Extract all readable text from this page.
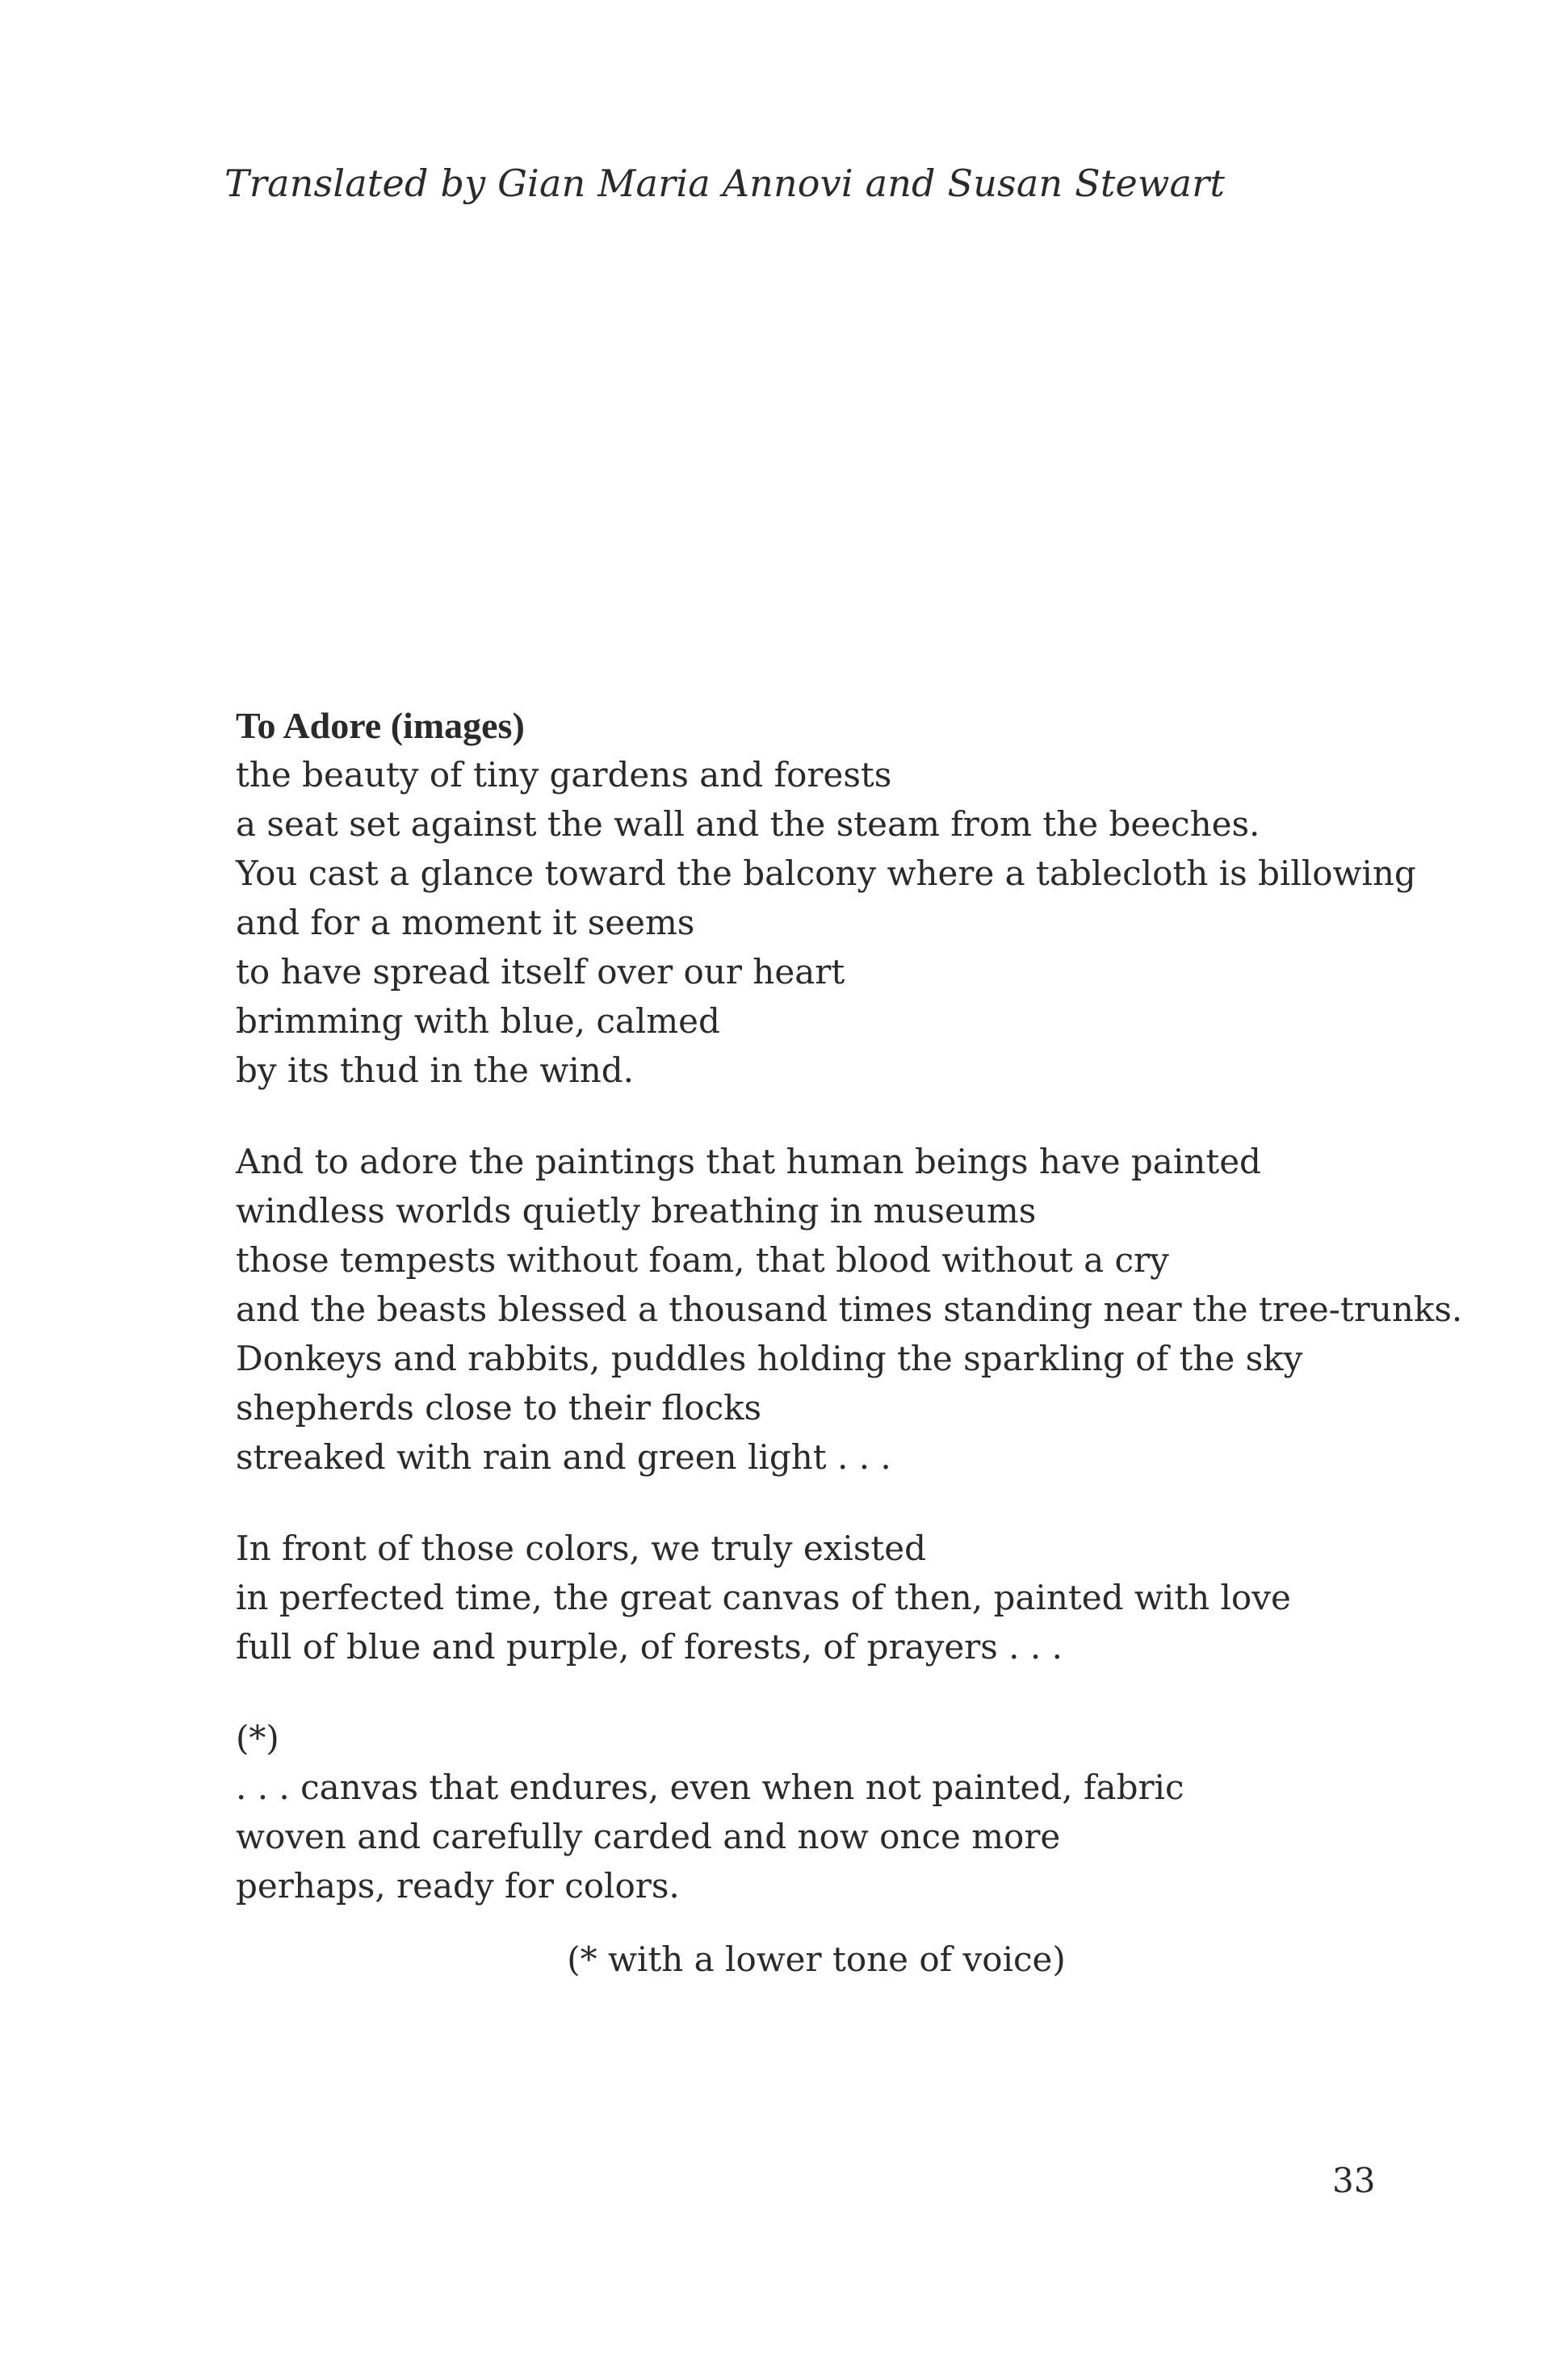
Translated by Gian Maria Annovi and Susan Stewart
To Adore (images)
the beauty of tiny gardens and forests
a seat set against the wall and the steam from the beeches.
You cast a glance toward the balcony where a tablecloth is billowing
and for a moment it seems
to have spread itself over our heart
brimming with blue, calmed
by its thud in the wind.
And to adore the paintings that human beings have painted
windless worlds quietly breathing in museums
those tempests without foam, that blood without a cry
and the beasts blessed a thousand times standing near the tree-trunks.
Donkeys and rabbits, puddles holding the sparkling of the sky
shepherds close to their flocks
streaked with rain and green light . . .
In front of those colors, we truly existed
in perfected time, the great canvas of then, painted with love
full of blue and purple, of forests, of prayers . . .
(*)
. . . canvas that endures, even when not painted, fabric
woven and carefully carded and now once more
perhaps, ready for colors.
(* with a lower tone of voice)
33
